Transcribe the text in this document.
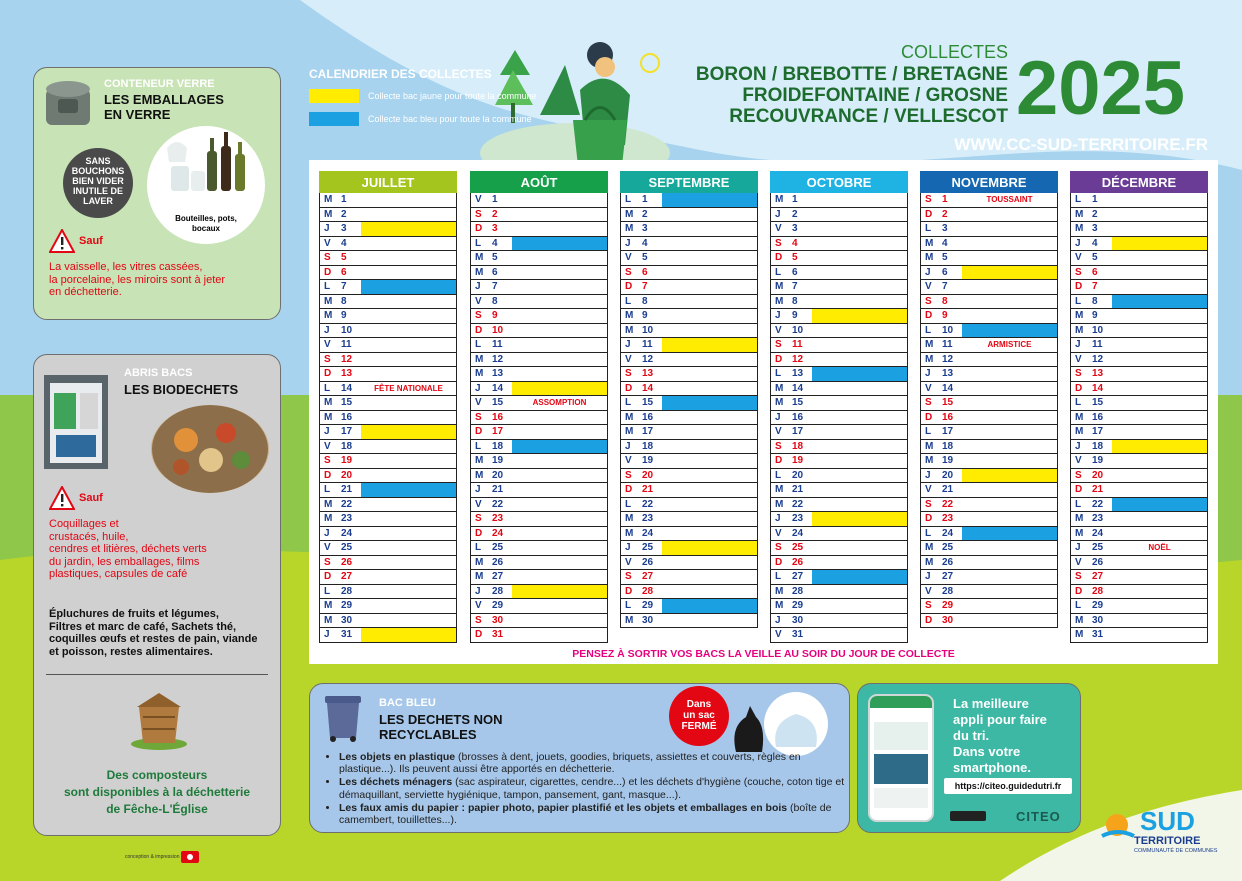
CALENDRIER DES COLLECTES
Collecte bac jaune pour toute la commune
Collecte bac bleu pour toute la commune
COLLECTES
BORON / BREBOTTE / BRETAGNE
FROIDEFONTAINE / GROSNE
RECOUVRANCE / VELLESCOT 2025
WWW.CC-SUD-TERRITOIRE.FR
CONTENEUR VERRE
LES EMBALLAGES
EN VERRE
SANS
BOUCHONS
BIEN VIDER
INUTILE DE
LAVER
Bouteilles, pots,
bocaux
Sauf
La vaisselle, les vitres cassées,
la porcelaine, les miroirs sont à jeter
en déchetterie.
ABRIS BACS
LES BIODECHETS
Sauf
Coquillages et
crustacés, huile,
cendres et litières, déchets verts
du jardin, les emballages, films
plastiques, capsules de café
Épluchures de fruits et légumes,
Filtres et marc de café, Sachets thé,
coquilles œufs et restes de pain, viande
et poisson, restes alimentaires.
Des composteurs
sont disponibles à la déchetterie
de Fêche-L'Église
JUILLET
M 1
M 2
J	3
V	4
S	5
D 6
L	7
M 8
M 9
J	10
V	11
S	12
D 13
L	14	FÊTE NATIONALE
M 15
M 16
J	17
V	18
S	19
D 20
L	21
M 22
M 23
J	24
V	25
S	26
D 27
L	28
M 29
M 30
J	31
AOÛT
V	1
S	2
D 3
L	4
M 5
M 6
J	7
V	8
S	9
D 10
L	11
M 12
M 13
J	14
V	15	ASSOMPTION
S	16
D 17
L	18
M 19
M 20
J	21
V	22
S	23
D 24
L	25
M 26
M 27
J	28
V	29
S	30
D 31
SEPTEMBRE
L	1
M 2
M 3
J	4
V	5
S	6
D 7
L	8
M 9
M 10
J	11
V	12
S	13
D 14
L	15
M 16
M 17
J	18
V	19
S	20
D 21
L	22
M 23
M 24
J	25
V	26
S	27
D 28
L	29
M 30
OCTOBRE
M 1
J	2
V	3
S	4
D 5
L	6
M 7
M 8
J	9
V	10
S	11
D 12
L	13
M 14
M 15
J	16
V	17
S	18
D 19
L	20
M 21
M 22
J	23
V	24
S	25
D 26
L	27
M 28
M 29
J	30
V	31
NOVEMBRE
S	1	TOUSSAINT
D 2
L	3
M 4
M 5
J	6
V	7
S	8
D 9
L	10
M 11	ARMISTICE
M 12
J	13
V	14
S	15
D 16
L	17
M 18
M 19
J	20
V	21
S	22
D 23
L	24
M 25
M 26
J	27
V	28
S	29
D 30
DÉCEMBRE
L	1
M 2
M 3
J	4
V	5
S	6
D 7
L	8
M 9
M 10
J	11
V	12
S	13
D 14
L	15
M 16
M 17
J	18
V	19
S	20
D 21
L	22
M 23
M 24
J	25	NOËL
V	26
S	27
D 28
L	29
M 30
M 31
PENSEZ À SORTIR VOS BACS LA VEILLE AU SOIR DU JOUR DE COLLECTE
BAC BLEU
LES DECHETS NON
RECYCLABLES
Dans
un sac
FERMÉ
• Les objets en plastique (brosses à dent, jouets, goodies, briquets, assiettes et couverts, règles en plastique...). Ils peuvent aussi être apportés en déchetterie.
• Les déchets ménagers (sac aspirateur, cigarettes, cendre...) et les déchets d'hygiène (couche, coton tige et démaquillant, serviette hygiénique, tampon, pansement, gant, masque...).
• Les faux amis du papier : papier photo, papier plastifié et les objets et emballages en bois (boîte de camembert, touillettes...).
La meilleure
appli pour faire
du tri.
Dans votre
smartphone.
https://citeo.guidedutri.fr
CITEO	SUD
TERRITOIRE
COMMUNAUTÉ DE COMMUNES
conception & impression
